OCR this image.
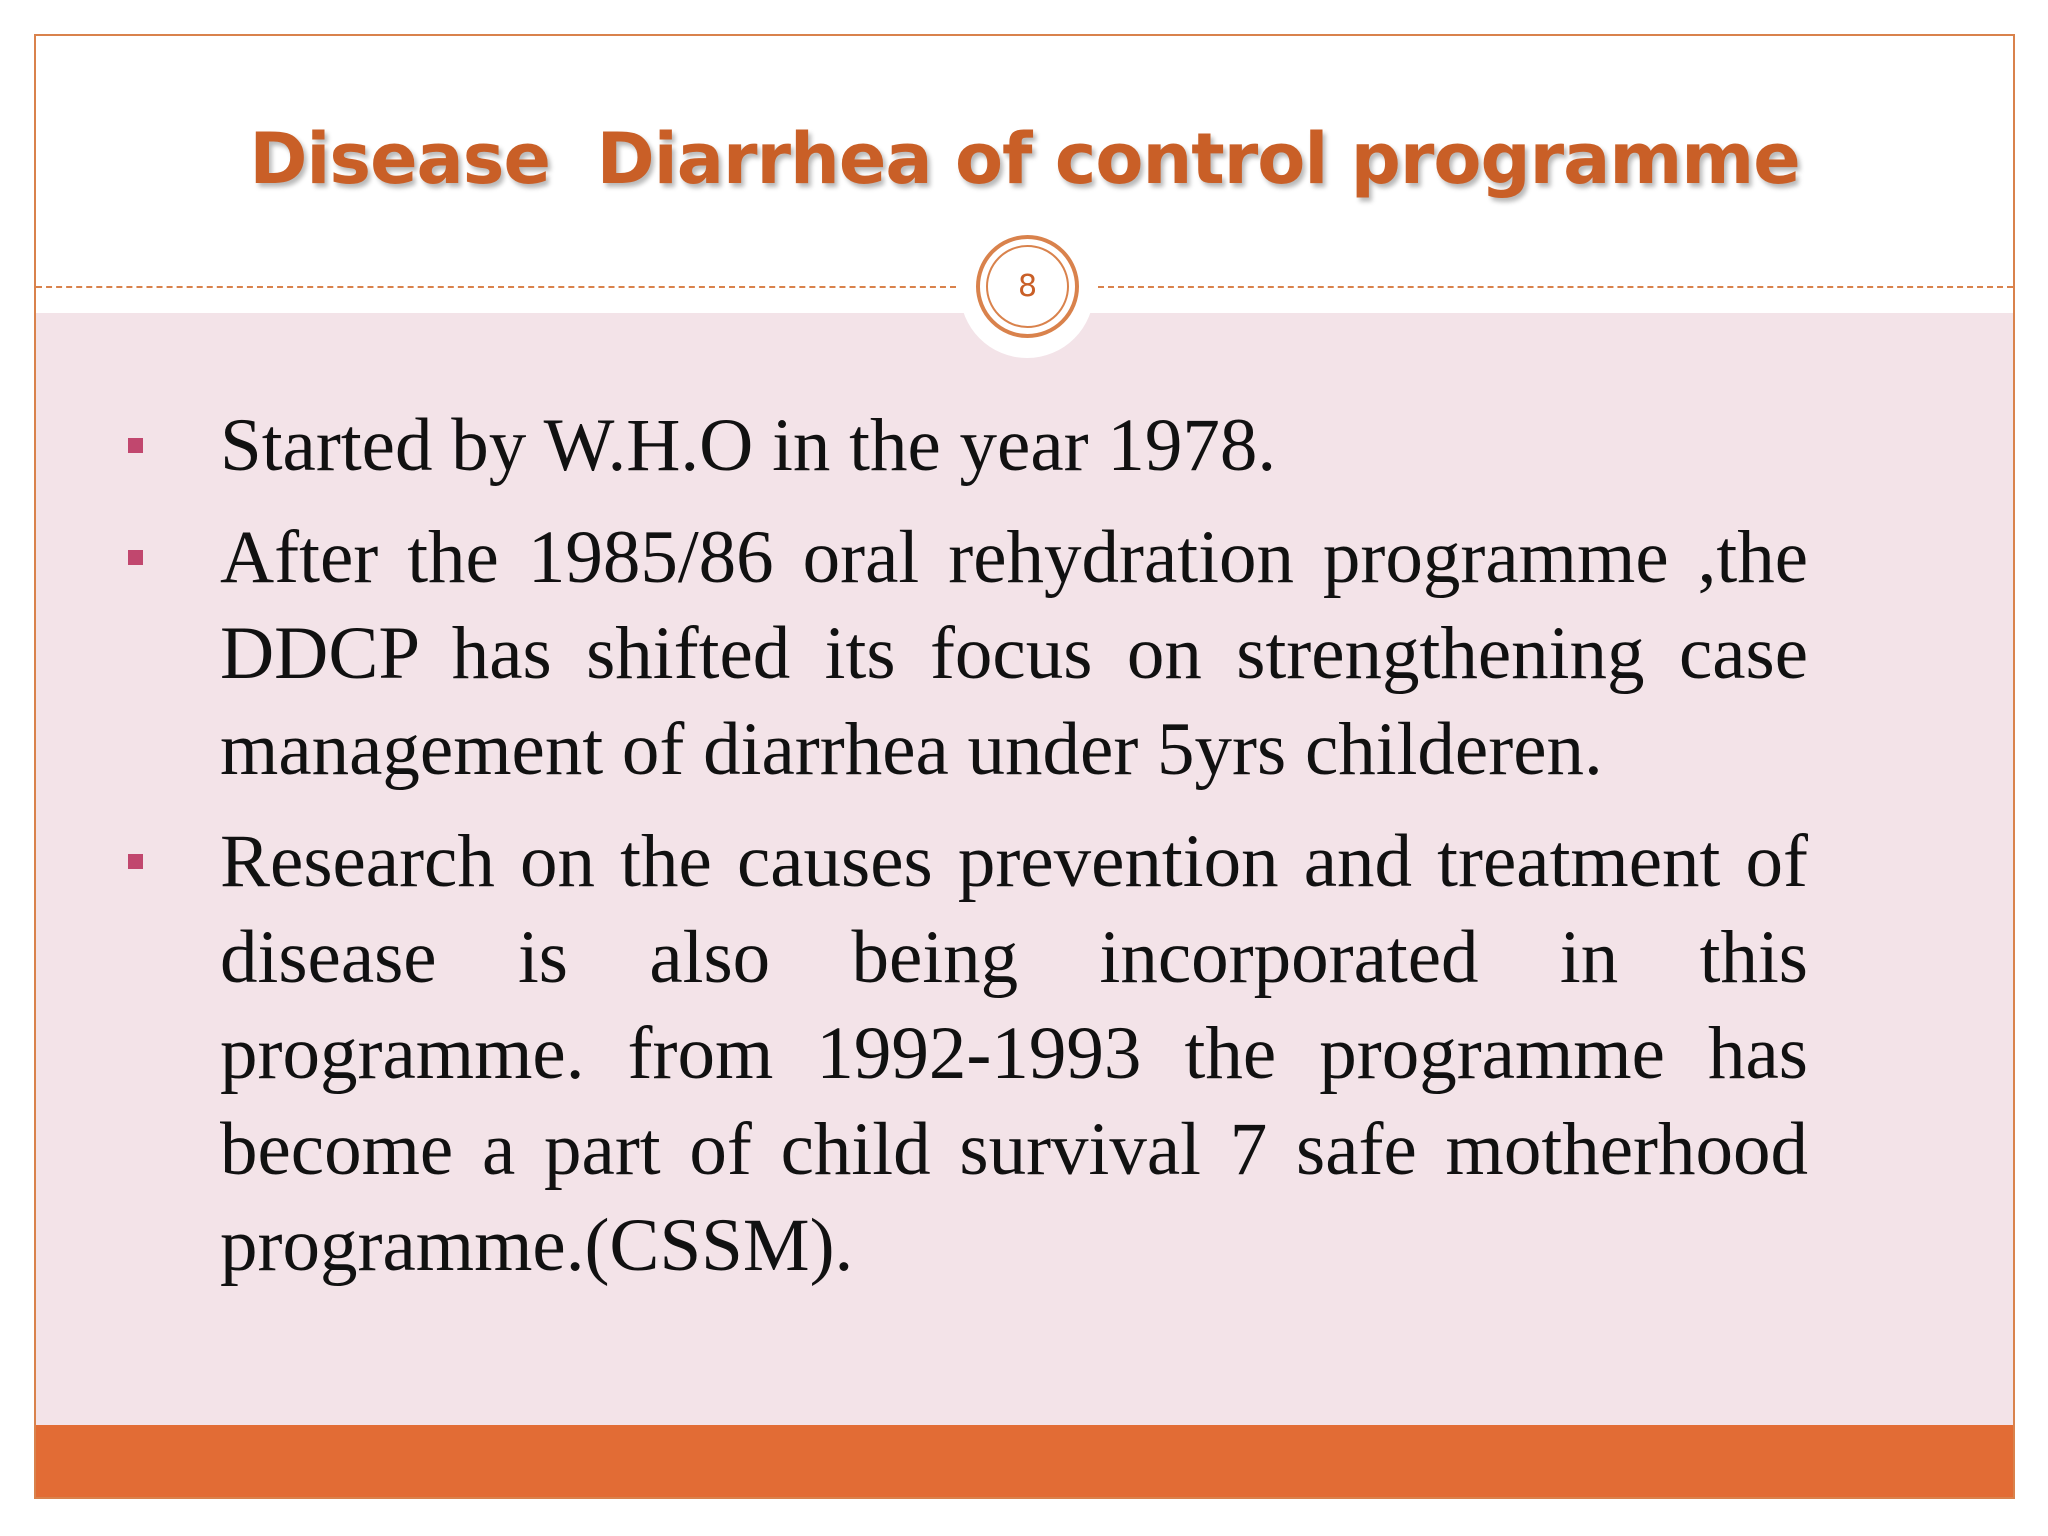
Disease  Diarrhea of control programme
8
Started by W.H.O in the year 1978.
After the 1985/86 oral rehydration programme ,the DDCP has shifted its focus on strengthening case management of diarrhea under 5yrs childeren.
Research on the causes prevention and treatment of disease is also being incorporated in this programme. from 1992-1993 the programme has become a part of child survival 7 safe motherhood programme.(CSSM).
